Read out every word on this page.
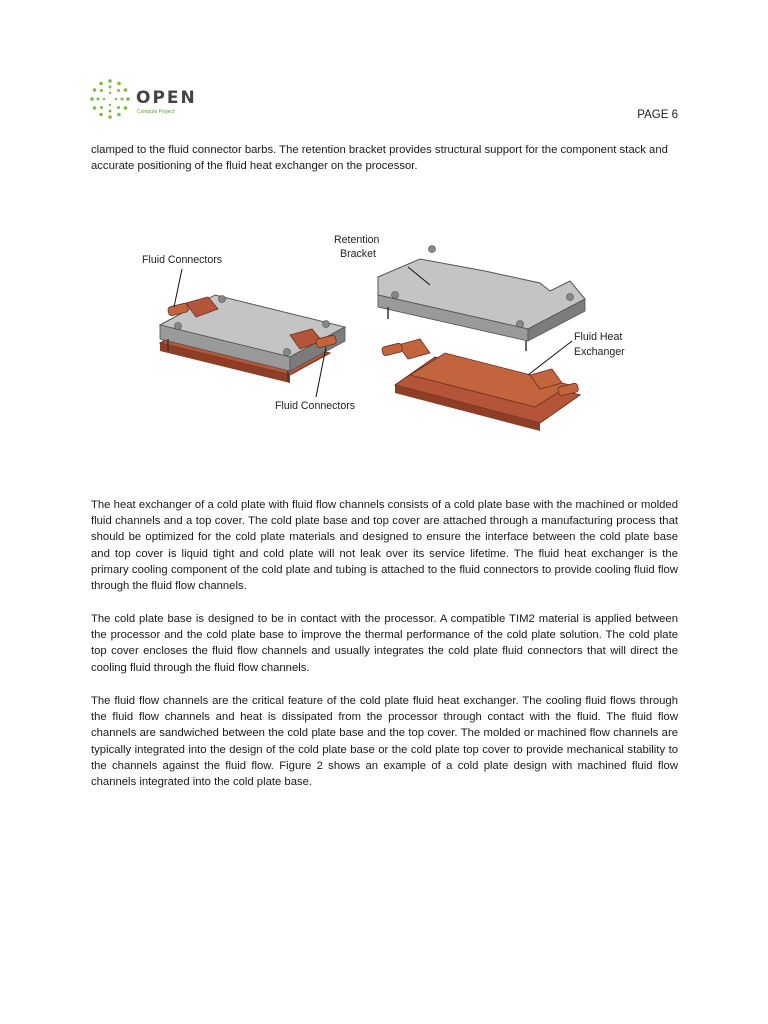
OPEN
Compute Project	PAGE 6

clamped to the fluid connector barbs. The retention bracket provides structural support for the component stack and accurate positioning of the fluid heat exchanger on the processor.

Fluid Connectors
Retention
Bracket
Fluid Heat
Exchanger
Fluid Connectors

The heat exchanger of a cold plate with fluid flow channels consists of a cold plate base with the machined or molded fluid channels and a top cover. The cold plate base and top cover are attached through a manufacturing process that should be optimized for the cold plate materials and designed to ensure the interface between the cold plate base and top cover is liquid tight and cold plate will not leak over its service lifetime. The fluid heat exchanger is the primary cooling component of the cold plate and tubing is attached to the fluid connectors to provide cooling fluid flow through the fluid flow channels.

The cold plate base is designed to be in contact with the processor. A compatible TIM2 material is applied between the processor and the cold plate base to improve the thermal performance of the cold plate solution. The cold plate top cover encloses the fluid flow channels and usually integrates the cold plate fluid connectors that will direct the cooling fluid through the fluid flow channels.

The fluid flow channels are the critical feature of the cold plate fluid heat exchanger. The cooling fluid flows through the fluid flow channels and heat is dissipated from the processor through contact with the fluid. The fluid flow channels are sandwiched between the cold plate base and the top cover. The molded or machined flow channels are typically integrated into the design of the cold plate base or the cold plate top cover to provide mechanical stability to the channels against the fluid flow. Figure 2 shows an example of a cold plate design with machined fluid flow channels integrated into the cold plate base.
